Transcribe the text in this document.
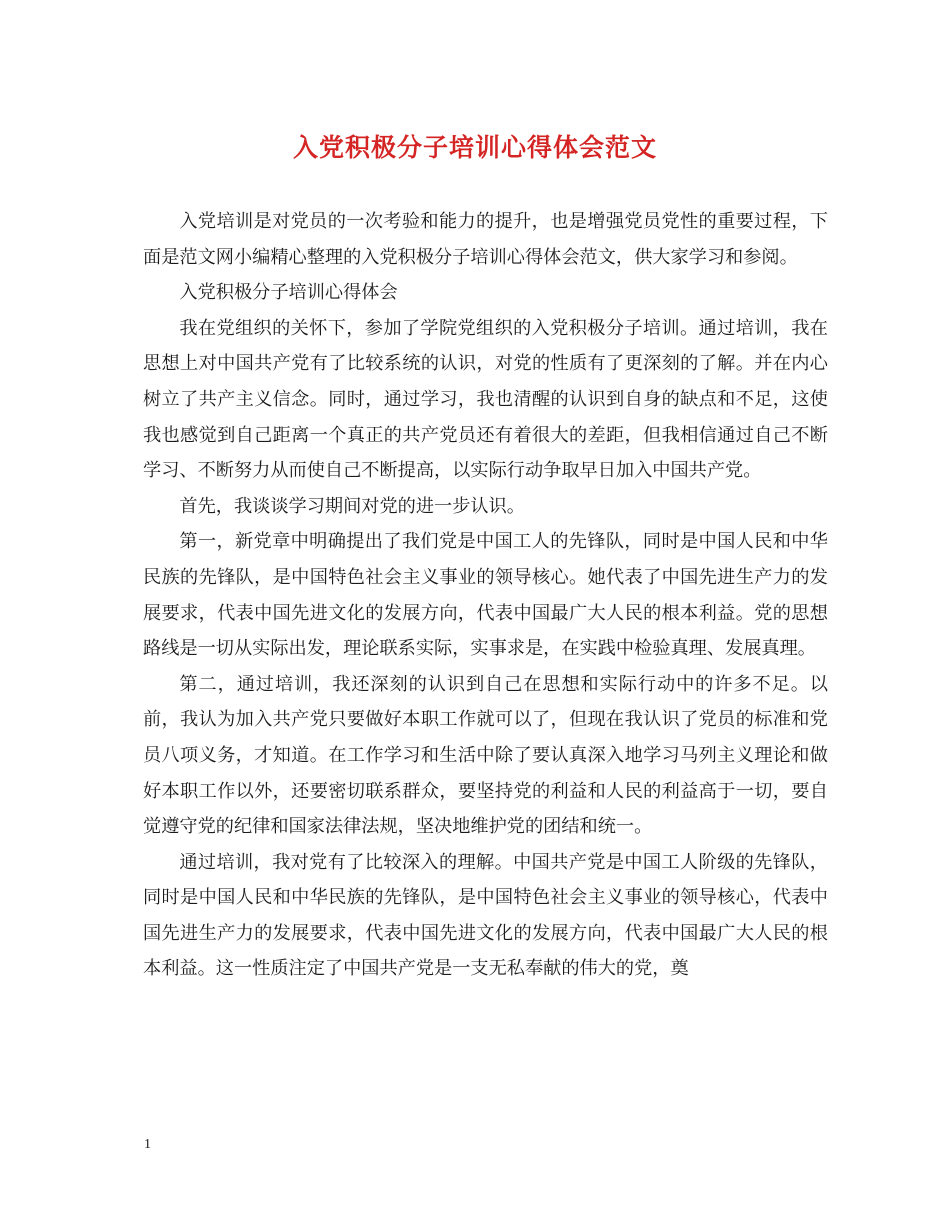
入党积极分子培训心得体会范文

入党培训是对党员的一次考验和能力的提升，也是增强党员党性的重要过程，下面是范文网小编精心整理的入党积极分子培训心得体会范文，供大家学习和参阅。

入党积极分子培训心得体会

我在党组织的关怀下，参加了学院党组织的入党积极分子培训。通过培训，我在思想上对中国共产党有了比较系统的认识，对党的性质有了更深刻的了解。并在内心树立了共产主义信念。同时，通过学习，我也清醒的认识到自身的缺点和不足，这使我也感觉到自己距离一个真正的共产党员还有着很大的差距，但我相信通过自己不断学习、不断努力从而使自己不断提高，以实际行动争取早日加入中国共产党。

首先，我谈谈学习期间对党的进一步认识。

第一，新党章中明确提出了我们党是中国工人的先锋队，同时是中国人民和中华民族的先锋队，是中国特色社会主义事业的领导核心。她代表了中国先进生产力的发展要求，代表中国先进文化的发展方向，代表中国最广大人民的根本利益。党的思想路线是一切从实际出发，理论联系实际，实事求是，在实践中检验真理、发展真理。

第二，通过培训，我还深刻的认识到自己在思想和实际行动中的许多不足。以前，我认为加入共产党只要做好本职工作就可以了，但现在我认识了党员的标准和党员八项义务，才知道。在工作学习和生活中除了要认真深入地学习马列主义理论和做好本职工作以外，还要密切联系群众，要坚持党的利益和人民的利益高于一切，要自觉遵守党的纪律和国家法律法规，坚决地维护党的团结和统一。

通过培训，我对党有了比较深入的理解。中国共产党是中国工人阶级的先锋队，同时是中国人民和中华民族的先锋队，是中国特色社会主义事业的领导核心，代表中国先进生产力的发展要求，代表中国先进文化的发展方向，代表中国最广大人民的根本利益。这一性质注定了中国共产党是一支无私奉献的伟大的党，奠

1
